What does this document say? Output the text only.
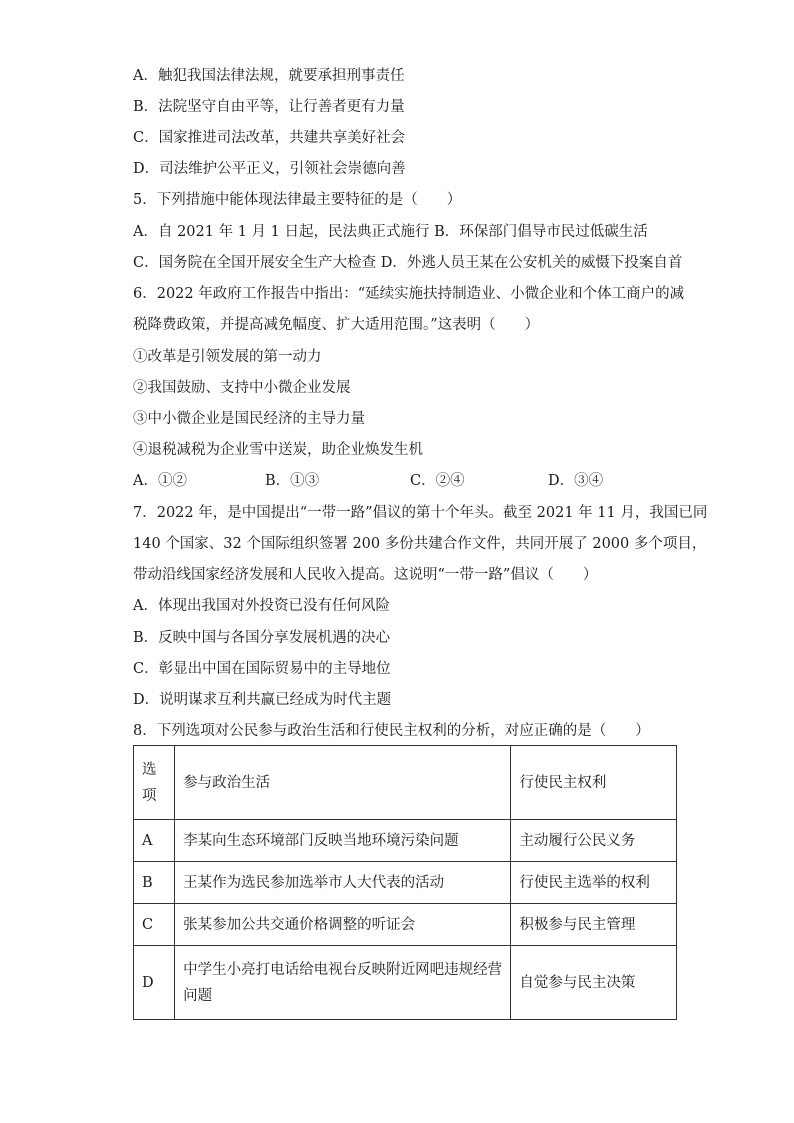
A．触犯我国法律法规，就要承担刑事责任
B．法院坚守自由平等，让行善者更有力量
C．国家推进司法改革，共建共享美好社会
D．司法维护公平正义，引领社会崇德向善
5．下列措施中能体现法律最主要特征的是（　　）
A．自 2021 年 1 月 1 日起，民法典正式施行 B．环保部门倡导市民过低碳生活
C．国务院在全国开展安全生产大检查 D．外逃人员王某在公安机关的威慑下投案自首
6．2022 年政府工作报告中指出：“延续实施扶持制造业、小微企业和个体工商户的减
税降费政策，并提高减免幅度、扩大适用范围。”这表明（　　）
①改革是引领发展的第一动力
②我国鼓励、支持中小微企业发展
③中小微企业是国民经济的主导力量
④退税减税为企业雪中送炭，助企业焕发生机
A．①②	B．①③	C．②④	D．③④
7．2022 年，是中国提出“一带一路”倡议的第十个年头。截至 2021 年 11 月，我国已同
140 个国家、32 个国际组织签署 200 多份共建合作文件，共同开展了 2000 多个项目，
带动沿线国家经济发展和人民收入提高。这说明“一带一路”倡议（　　）
A．体现出我国对外投资已没有任何风险
B．反映中国与各国分享发展机遇的决心
C．彰显出中国在国际贸易中的主导地位
D．说明谋求互利共赢已经成为时代主题
8．下列选项对公民参与政治生活和行使民主权利的分析，对应正确的是（　　）
选
项	参与政治生活	行使民主权利
A	李某向生态环境部门反映当地环境污染问题	主动履行公民义务
B	王某作为选民参加选举市人大代表的活动	行使民主选举的权利
C	张某参加公共交通价格调整的听证会	积极参与民主管理
D	中学生小亮打电话给电视台反映附近网吧违规经营问题	自觉参与民主决策
